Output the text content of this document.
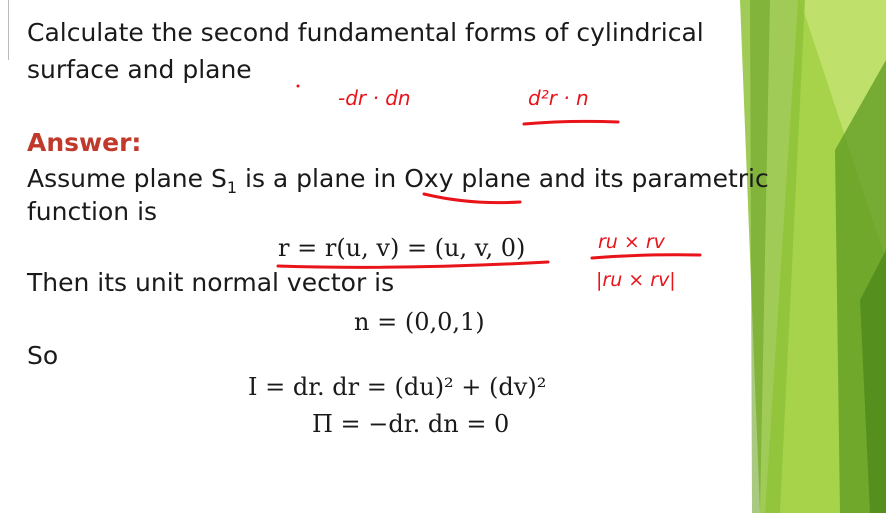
Calculate the second fundamental forms of cylindrical
surface and plane
Answer:
Assume plane $S_1$ is a plane in Oxy plane and its parametric
function is
r = r(u, v) = (u, v, 0)
Then its unit normal vector is
n = (0,0,1)
So
I = dr. dr = (du)² + (dv)²
Π = −dr. dn = 0
-dr · dn	d²r · n
ru × rv
|ru × rv|
